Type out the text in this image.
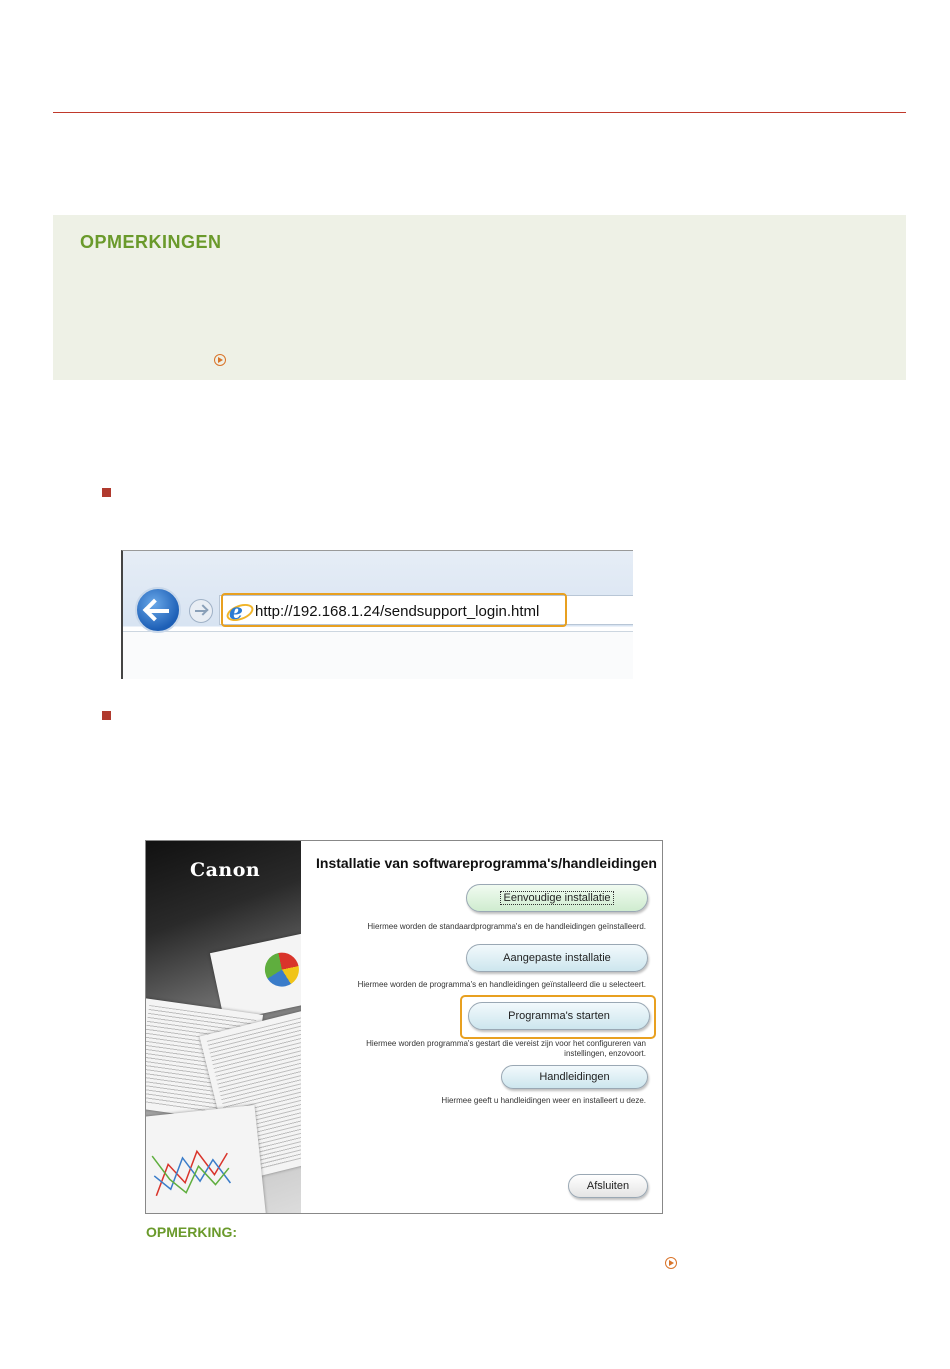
OPMERKINGEN
e http://192.168.1.24/sendsupport_login.html
Canon	Installatie van softwareprogramma's/handleidingen
Eenvoudige installatie
Hiermee worden de standaardprogramma's en de handleidingen geïnstalleerd.
Aangepaste installatie
Hiermee worden de programma's en handleidingen geïnstalleerd die u selecteert.
Programma's starten
Hiermee worden programma's gestart die vereist zijn voor het configureren van
instellingen, enzovoort.
Handleidingen
Hiermee geeft u handleidingen weer en installeert u deze.
Afsluiten
OPMERKING:
